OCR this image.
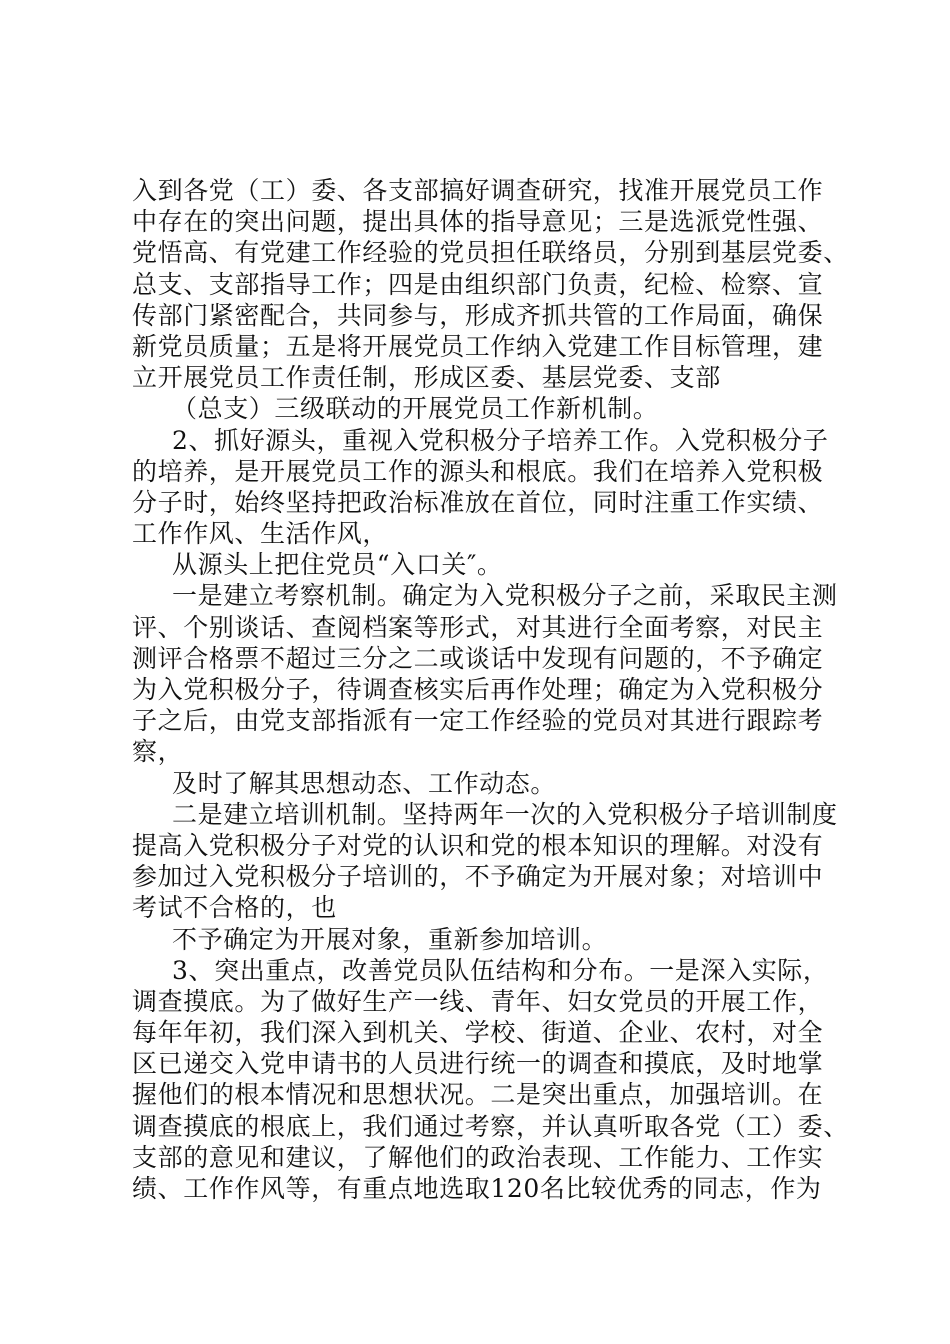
入到各党（工）委、各支部搞好调查研究，找准开展党员工作
中存在的突出问题，提出具体的指导意见；三是选派党性强、
党悟高、有党建工作经验的党员担任联络员，分别到基层党委、
总支、支部指导工作；四是由组织部门负责，纪检、检察、宣
传部门紧密配合，共同参与，形成齐抓共管的工作局面，确保
新党员质量；五是将开展党员工作纳入党建工作目标管理，建
立开展党员工作责任制，形成区委、基层党委、支部
（总支）三级联动的开展党员工作新机制。
2、抓好源头，重视入党积极分子培养工作。入党积极分子
的培养，是开展党员工作的源头和根底。我们在培养入党积极
分子时，始终坚持把政治标准放在首位，同时注重工作实绩、
工作作风、生活作风，
从源头上把住党员“入口关″。
一是建立考察机制。确定为入党积极分子之前，采取民主测
评、个别谈话、查阅档案等形式，对其进行全面考察，对民主
测评合格票不超过三分之二或谈话中发现有问题的，不予确定
为入党积极分子，待调查核实后再作处理；确定为入党积极分
子之后，由党支部指派有一定工作经验的党员对其进行跟踪考
察，
及时了解其思想动态、工作动态。
二是建立培训机制。坚持两年一次的入党积极分子培训制度
提高入党积极分子对党的认识和党的根本知识的理解。对没有
参加过入党积极分子培训的，不予确定为开展对象；对培训中
考试不合格的，也
不予确定为开展对象，重新参加培训。
3、突出重点，改善党员队伍结构和分布。一是深入实际，
调查摸底。为了做好生产一线、青年、妇女党员的开展工作，
每年年初，我们深入到机关、学校、街道、企业、农村，对全
区已递交入党申请书的人员进行统一的调查和摸底，及时地掌
握他们的根本情况和思想状况。二是突出重点，加强培训。在
调查摸底的根底上，我们通过考察，并认真听取各党（工）委、
支部的意见和建议，了解他们的政治表现、工作能力、工作实
绩、工作作风等，有重点地选取120名比较优秀的同志，作为
